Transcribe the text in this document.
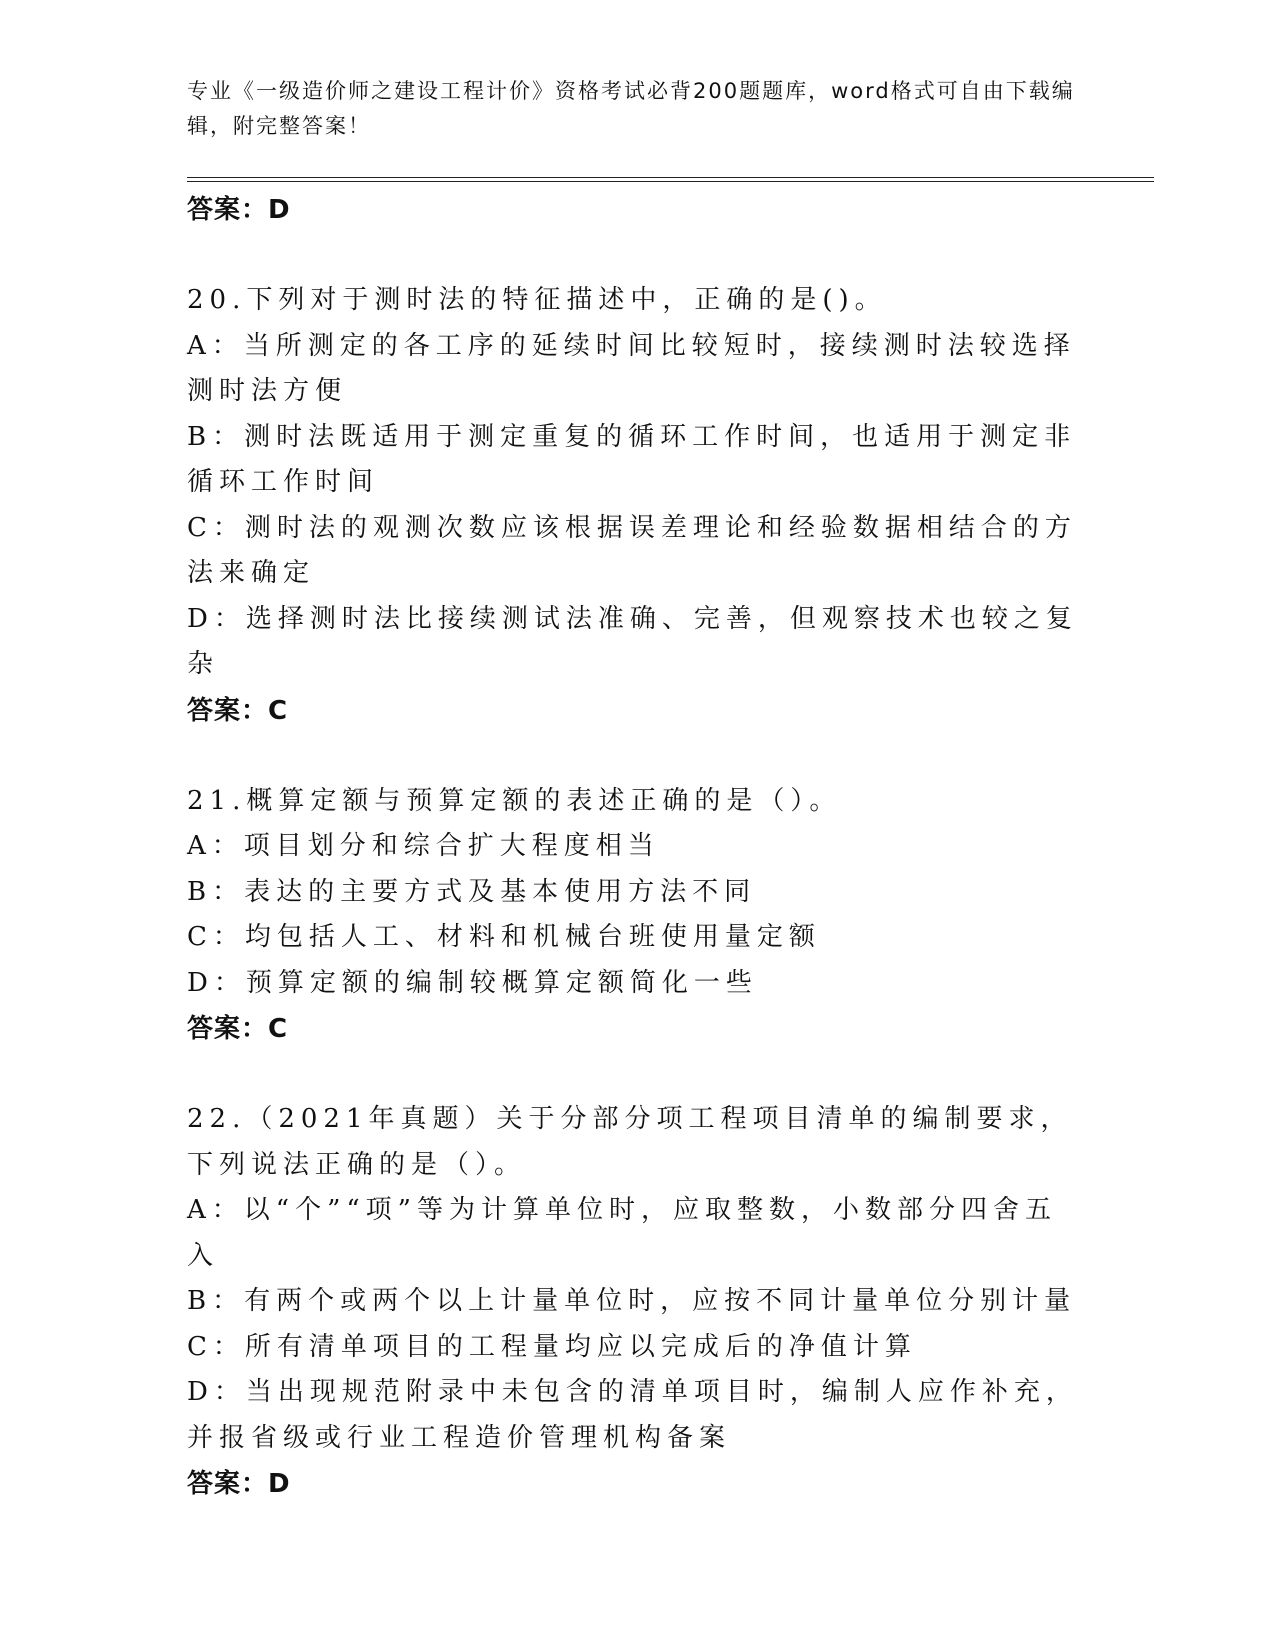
专业《一级造价师之建设工程计价》资格考试必背200题题库，word格式可自由下载编辑，附完整答案！
答案：D
20.下列对于测时法的特征描述中，正确的是()。
A：当所测定的各工序的延续时间比较短时，接续测时法较选择测时法方便
B：测时法既适用于测定重复的循环工作时间，也适用于测定非循环工作时间
C：测时法的观测次数应该根据误差理论和经验数据相结合的方法来确定
D：选择测时法比接续测试法准确、完善，但观察技术也较之复杂
答案：C
21.概算定额与预算定额的表述正确的是（）。
A：项目划分和综合扩大程度相当
B：表达的主要方式及基本使用方法不同
C：均包括人工、材料和机械台班使用量定额
D：预算定额的编制较概算定额简化一些
答案：C
22.（2021年真题）关于分部分项工程项目清单的编制要求，下列说法正确的是（）。
A：以“个”“项”等为计算单位时，应取整数，小数部分四舍五入
B：有两个或两个以上计量单位时，应按不同计量单位分别计量
C：所有清单项目的工程量均应以完成后的净值计算
D：当出现规范附录中未包含的清单项目时，编制人应作补充，并报省级或行业工程造价管理机构备案
答案：D
